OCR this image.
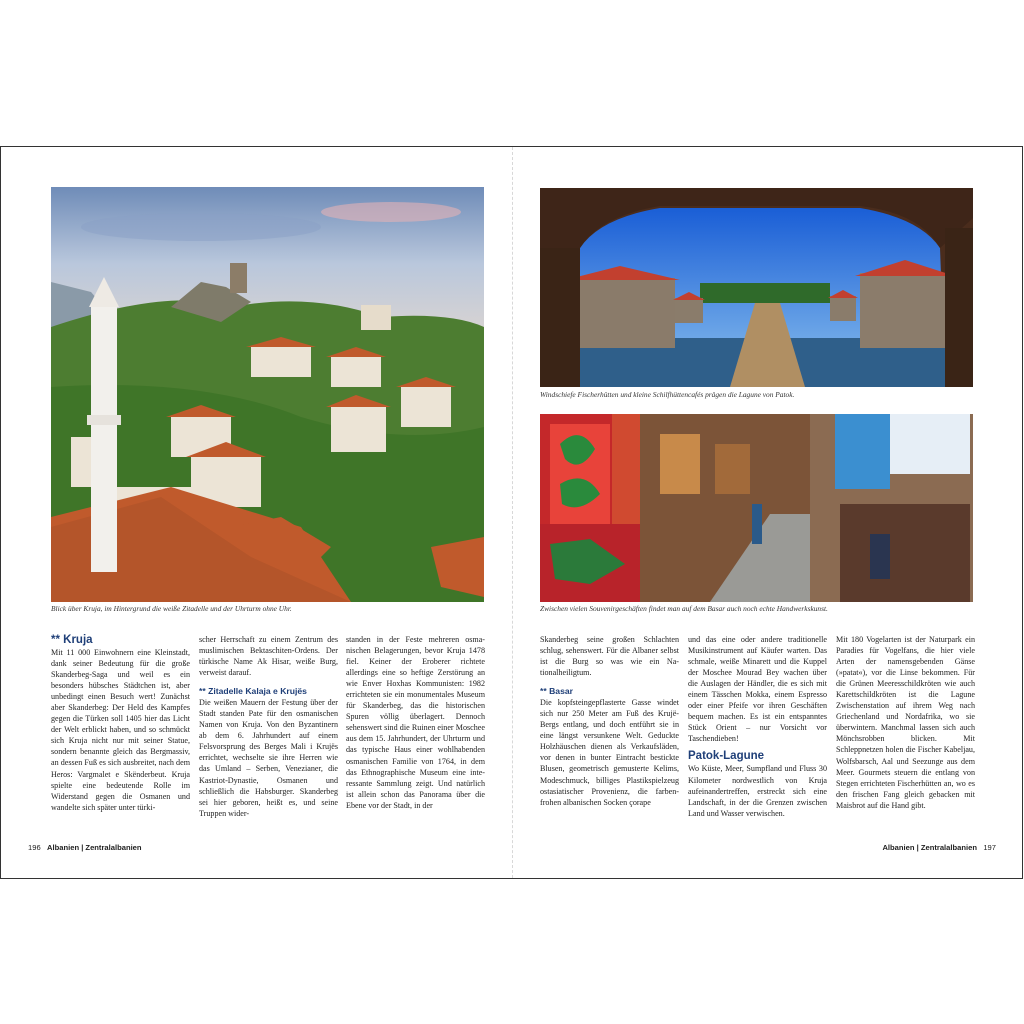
Blick über Kruja, im Hintergrund die weiße Zitadelle und der Uhrturm ohne Uhr.
Windschiefe Fischerhütten und kleine Schilfhüttencafés prägen die Lagune von Patok.
Zwischen vielen Souvenirgeschäften findet man auf dem Basar auch noch echte Handwerkskunst.
** Kruja

Mit 11 000 Einwohnern eine Kleinstadt, dank seiner Bedeutung für die große Skanderbeg-Saga und weil es ein besonders hübsches Städtchen ist, aber unbedingt einen Besuch wert! Zunächst aber Skanderbeg: Der Held des Kampfes gegen die Türken soll 1405 hier das Licht der Welt erblickt haben, und so schmückt sich Kruja nicht nur mit seiner Statue, sondern benannte gleich das Bergmassiv, an dessen Fuß es sich ausbreitet, nach dem Heros: Vargmalet e Skënderbeut. Kruja spielte eine bedeutende Rolle im Widerstand gegen die Osmanen und wandelte sich später unter türki-

scher Herrschaft zu einem Zentrum des muslimischen Bektaschiten-Ordens. Der türkische Name Ak Hisar, weiße Burg, verweist darauf.

** Zitadelle Kalaja e Krujës

Die weißen Mauern der Festung über der Stadt standen Pate für den osmanischen Namen von Kruja. Von den Byzantinern ab dem 6. Jahrhundert auf einem Felsvorsprung des Berges Mali i Krujës errichtet, wechselte sie ihre Herren wie das Umland – Serben, Venezianer, die Kastriot-Dynastie, Osmanen und schließlich die Habsburger. Skanderbeg sei hier geboren, heißt es, und seine Truppen wider-

standen in der Feste mehreren osmanischen Belagerungen, bevor Kruja 1478 fiel. Keiner der Eroberer richtete allerdings eine so heftige Zerstörung an wie Enver Hoxhas Kommunisten: 1982 errichteten sie ein monumentales Museum für Skanderbeg, das die historischen Spuren völlig überlagert. Dennoch sehenswert sind die Ruinen einer Moschee aus dem 15. Jahrhundert, der Uhrturm und das typische Haus einer wohlhabenden osmanischen Familie von 1764, in dem das Ethnographische Museum eine interessante Sammlung zeigt. Und natürlich ist allein schon das Panorama über die Ebene vor der Stadt, in der

Skanderbeg seine großen Schlachten schlug, sehenswert. Für die Albaner selbst ist die Burg so was wie ein Nationalheiligtum.

** Basar

Die kopfsteingepflasterte Gasse windet sich nur 250 Meter am Fuß des Krujë-Bergs entlang, und doch entführt sie in eine längst versunkene Welt. Geduckte Holzhäuschen dienen als Verkaufsläden, vor denen in bunter Eintracht bestickte Blusen, geometrisch gemusterte Kelims, Modeschmuck, billiges Plastikspielzeug ostasiatischer Provenienz, die farbenfrohen albanischen Socken çorape

und das eine oder andere traditionelle Musikinstrument auf Käufer warten. Das schmale, weiße Minarett und die Kuppel der Moschee Mourad Bey wachen über die Auslagen der Händler, die es sich mit einem Tässchen Mokka, einem Espresso oder einer Pfeife vor ihren Geschäften bequem machen. Es ist ein entspanntes Stück Orient – nur Vorsicht vor Taschendieben!

Patok-Lagune

Wo Küste, Meer, Sumpfland und Fluss 30 Kilometer nordwestlich von Kruja aufeinandertreffen, erstreckt sich eine Landschaft, in der die Grenzen zwischen Land und Wasser verwischen.

Mit 180 Vogelarten ist der Naturpark ein Paradies für Vogelfans, die hier viele Arten der namensgebenden Gänse (»patat«), vor die Linse bekommen. Für die Grünen Meeresschildkröten wie auch Karettschildkröten ist die Lagune Zwischenstation auf ihrem Weg nach Griechenland und Nordafrika, wo sie überwintern. Manchmal lassen sich auch Mönchsrobben blicken. Mit Schleppnetzen holen die Fischer Kabeljau, Wolfsbarsch, Aal und Seezunge aus dem Meer. Gourmets steuern die entlang von Stegen errichteten Fischerhütten an, wo es den frischen Fang gleich gebacken mit Maisbrot auf die Hand gibt.

196 Albanien | Zentralalbanien	Albanien | Zentralalbanien 197
